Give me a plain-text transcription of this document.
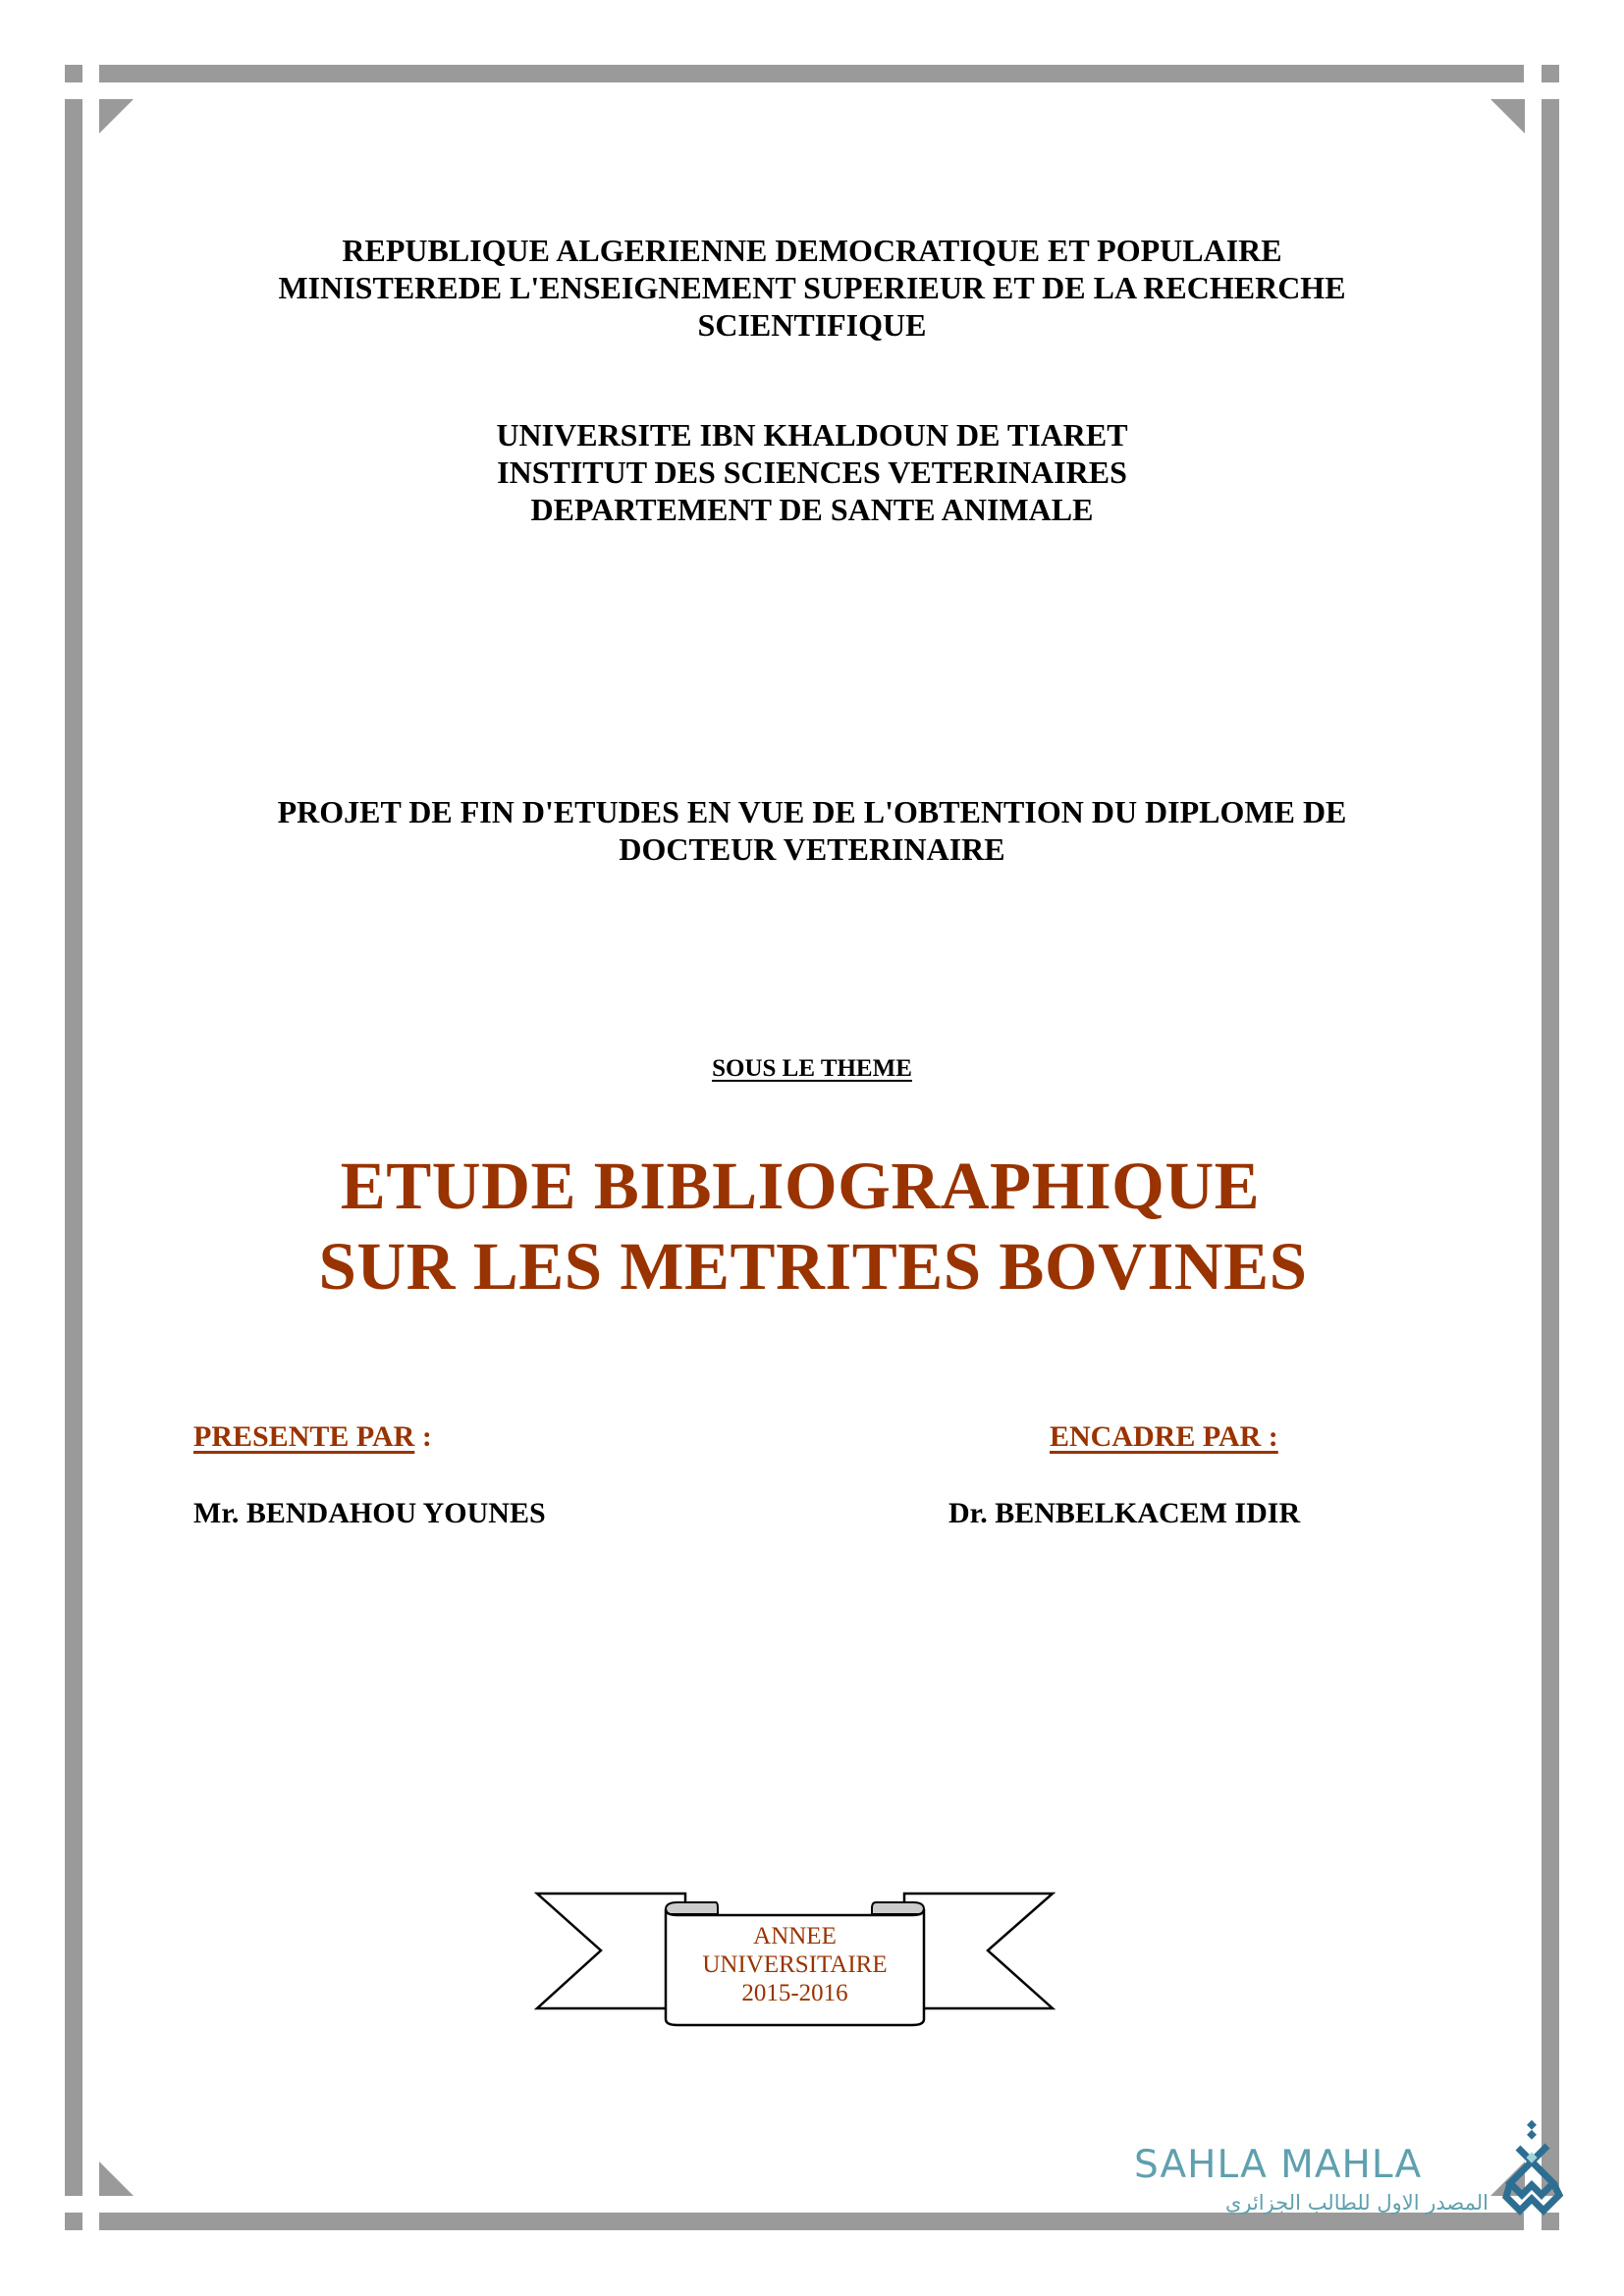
REPUBLIQUE ALGERIENNE DEMOCRATIQUE ET POPULAIRE
MINISTEREDE L'ENSEIGNEMENT SUPERIEUR ET DE LA RECHERCHE
SCIENTIFIQUE
UNIVERSITE IBN KHALDOUN DE TIARET
INSTITUT DES SCIENCES VETERINAIRES
DEPARTEMENT DE SANTE ANIMALE
PROJET DE FIN D'ETUDES EN VUE DE L'OBTENTION DU DIPLOME DE
DOCTEUR VETERINAIRE
SOUS LE THEME
ETUDE BIBLIOGRAPHIQUE
SUR LES METRITES BOVINES
PRESENTE PAR :
Mr. BENDAHOU YOUNES
ENCADRE PAR :
Dr. BENBELKACEM IDIR
ANNEE
UNIVERSITAIRE
2015-2016
SAHLA MAHLA
المصدر الاول للطالب الجزائري
